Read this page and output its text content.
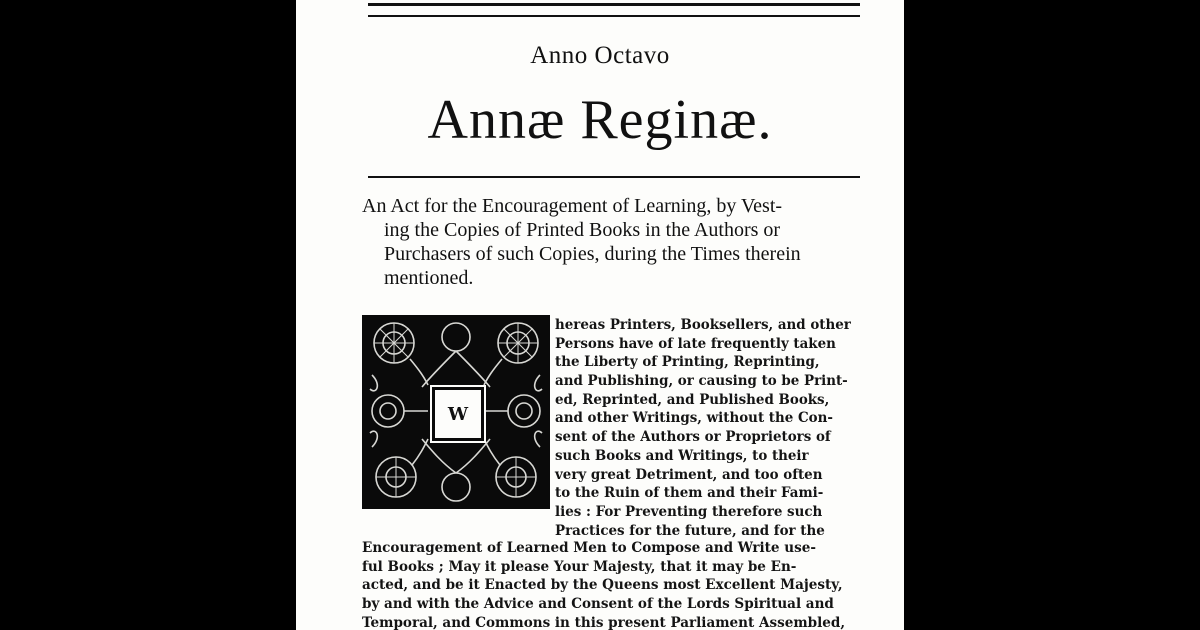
Anno Octavo
Annæ Reginæ.
An Act for the Encouragement of Learning, by Vest-
ing the Copies of Printed Books in the Authors or
Purchasers of such Copies, during the Times therein
mentioned.
W
hereas Printers, Booksellers, and other
Persons have of late frequently taken
the Liberty of Printing, Reprinting,
and Publishing, or causing to be Print-
ed, Reprinted, and Published Books,
and other Writings, without the Con-
sent of the Authors or Proprietors of
such Books and Writings, to their
very great Detriment, and too often
to the Ruin of them and their Fami-
lies : For Preventing therefore such
Practices for the future, and for the
Encouragement of Learned Men to Compose and Write use-
ful Books ; May it please Your Majesty, that it may be En-
acted, and be it Enacted by the Queens most Excellent Majesty,
by and with the Advice and Consent of the Lords Spiritual and
Temporal, and Commons in this present Parliament Assembled,
